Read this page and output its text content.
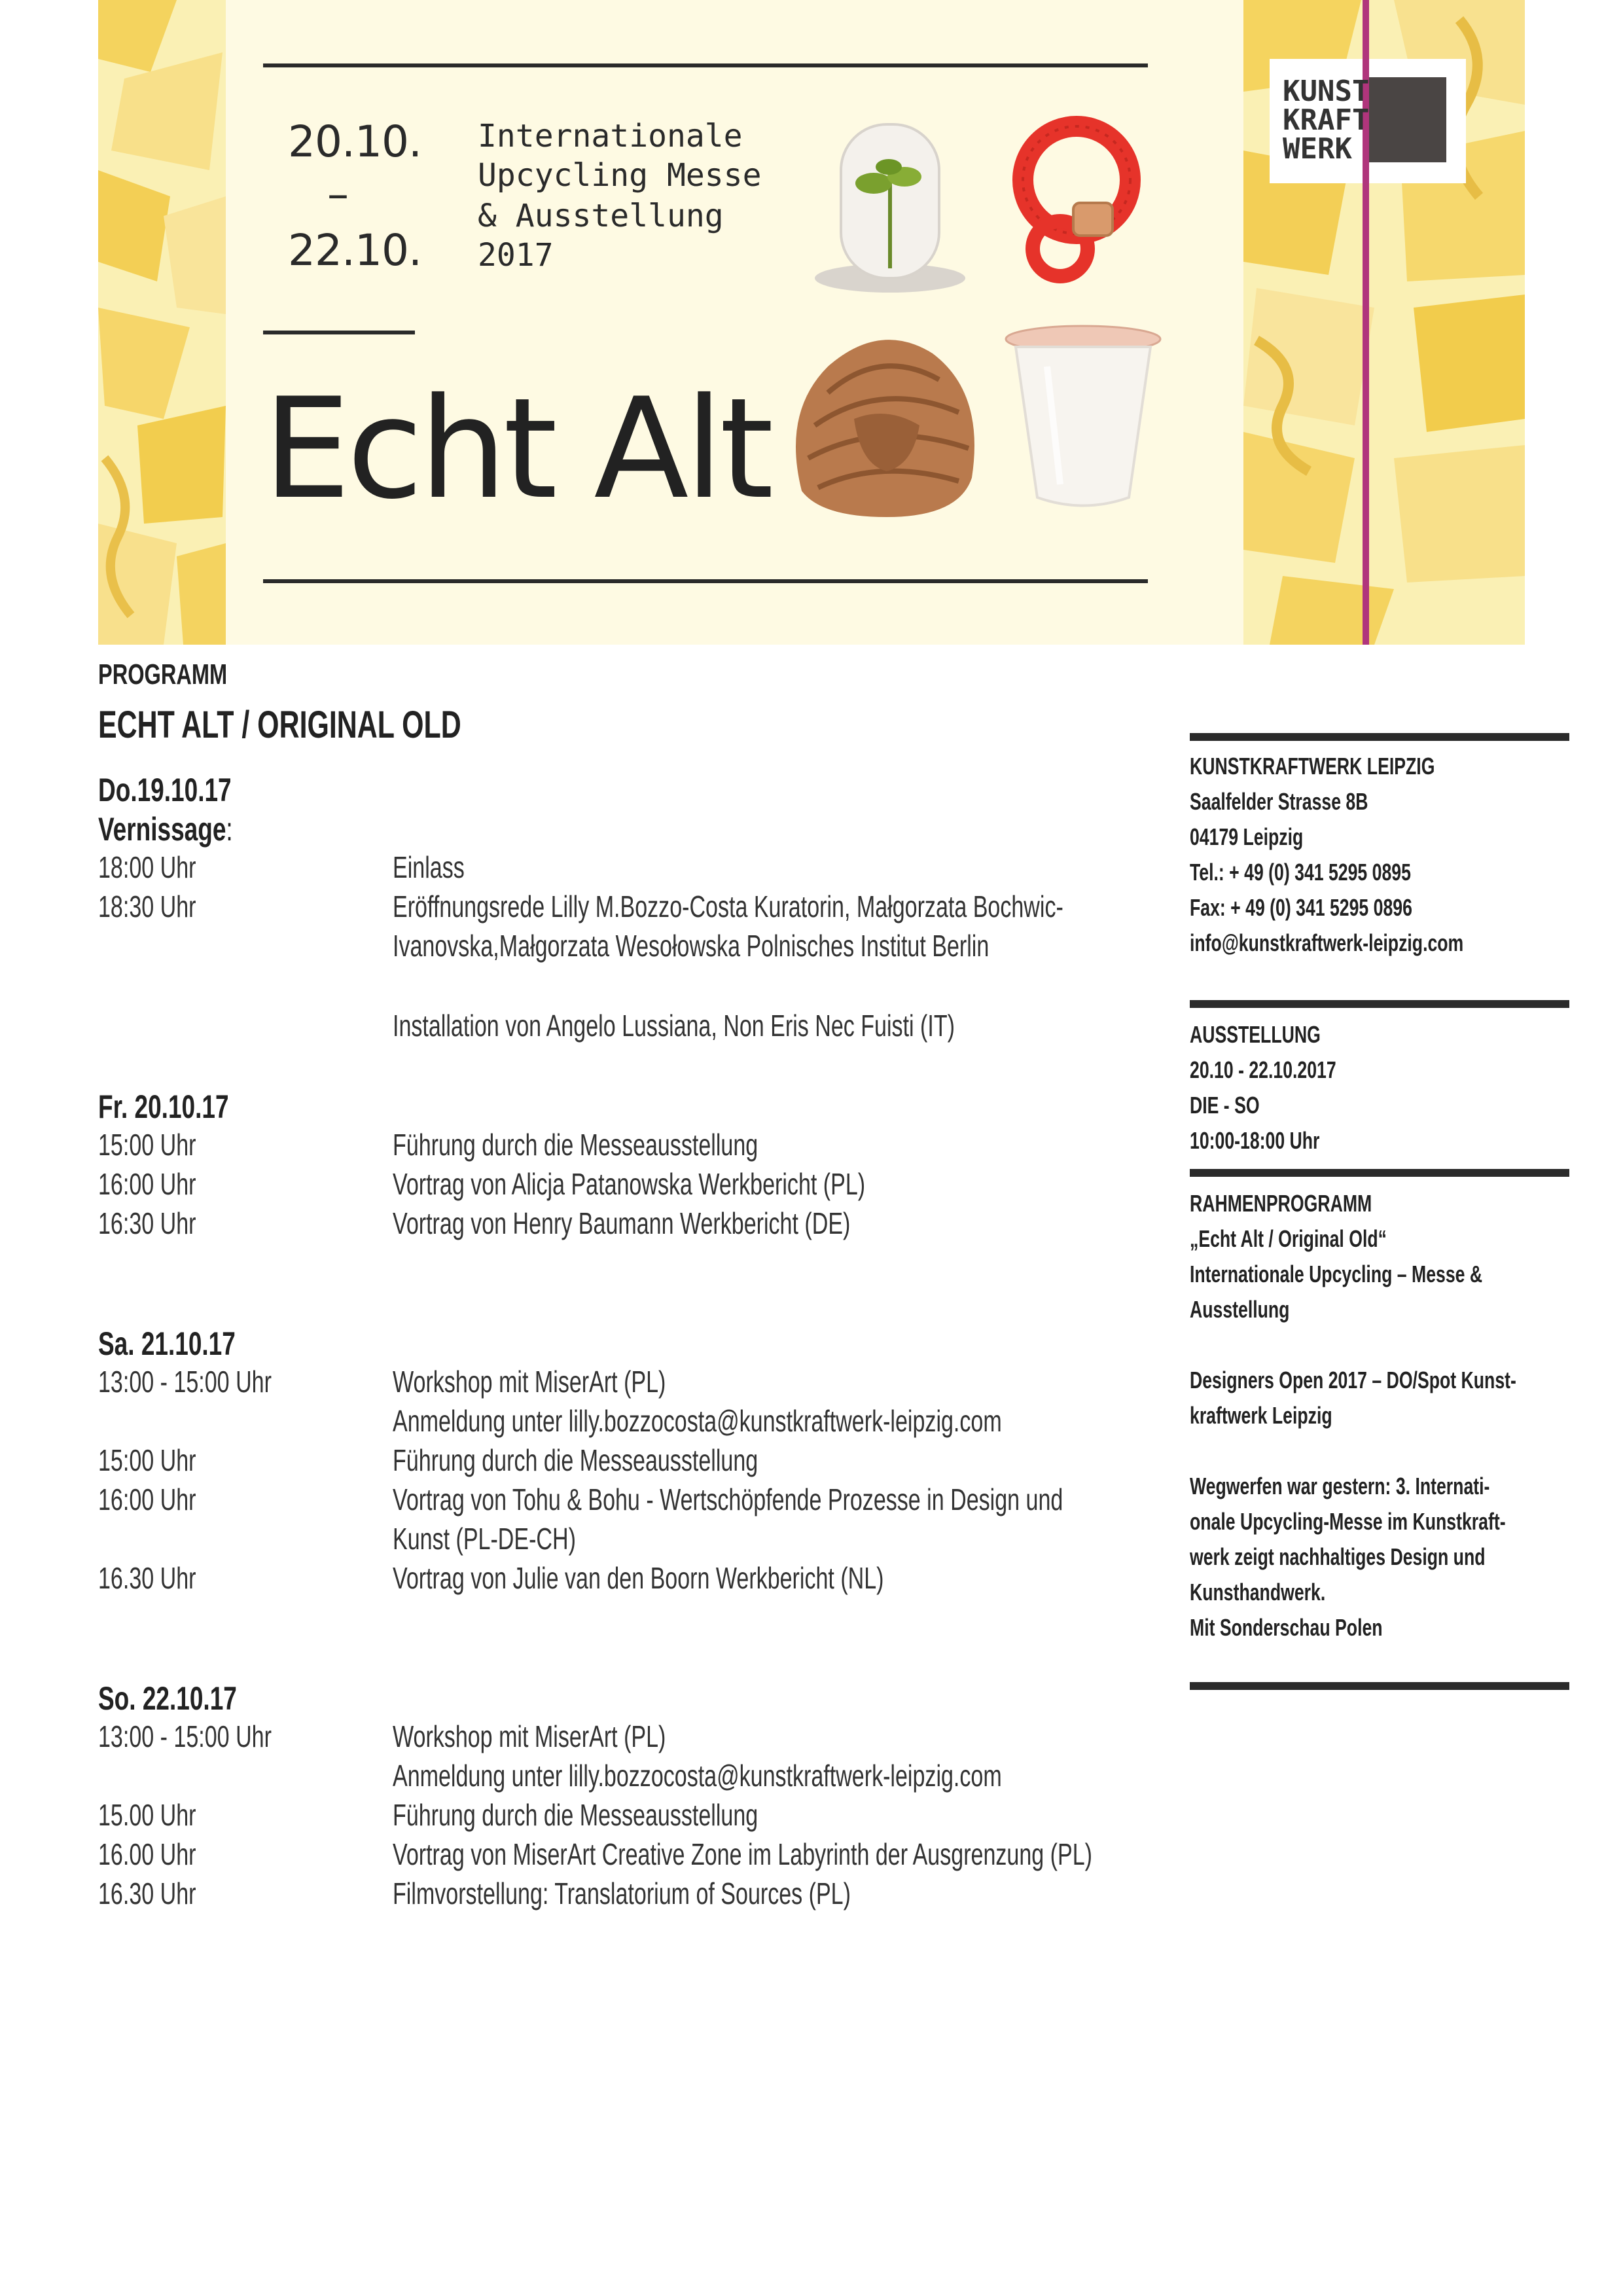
KUNST
KRAFT
WERK
20.10.
–
22.10.
Internationale
Upcycling Messe
& Ausstellung
2017
Echt Alt
PROGRAMM
ECHT ALT / ORIGINAL OLD
Do.19.10.17
Vernissage:
18:00 Uhr	Einlass
18:30 Uhr	Eröffnungsrede Lilly M.Bozzo-Costa Kuratorin, Małgorzata Bochwic-
Ivanovska,Małgorzata Wesołowska Polnisches Institut Berlin
Installation von Angelo Lussiana, Non Eris Nec Fuisti (IT)
Fr. 20.10.17
15:00 Uhr	Führung durch die Messeausstellung
16:00 Uhr	Vortrag von Alicja Patanowska Werkbericht (PL)
16:30 Uhr	Vortrag von Henry Baumann Werkbericht (DE)
Sa. 21.10.17
13:00 - 15:00 Uhr	Workshop mit MiserArt (PL)
Anmeldung unter lilly.bozzocosta@kunstkraftwerk-leipzig.com
15:00 Uhr	Führung durch die Messeausstellung
16:00 Uhr	Vortrag von Tohu & Bohu - Wertschöpfende Prozesse in Design und
Kunst (PL-DE-CH)
16.30 Uhr	Vortrag von Julie van den Boorn Werkbericht (NL)
So. 22.10.17
13:00 - 15:00 Uhr	Workshop mit MiserArt (PL)
Anmeldung unter lilly.bozzocosta@kunstkraftwerk-leipzig.com
15.00 Uhr	Führung durch die Messeausstellung
16.00 Uhr	Vortrag von MiserArt Creative Zone im Labyrinth der Ausgrenzung (PL)
16.30 Uhr	Filmvorstellung: Translatorium of Sources (PL)
KUNSTKRAFTWERK LEIPZIG
Saalfelder Strasse 8B
04179 Leipzig
Tel.: + 49 (0) 341 5295 0895
Fax: + 49 (0) 341 5295 0896
info@kunstkraftwerk-leipzig.com
AUSSTELLUNG
20.10 - 22.10.2017
DIE - SO
10:00-18:00 Uhr
RAHMENPROGRAMM
„Echt Alt / Original Old“
Internationale Upcycling – Messe &
Ausstellung
Designers Open 2017 – DO/Spot Kunst-
kraftwerk Leipzig
Wegwerfen war gestern: 3. Internati-
onale Upcycling-Messe im Kunstkraft-
werk zeigt nachhaltiges Design und
Kunsthandwerk.
Mit Sonderschau Polen
